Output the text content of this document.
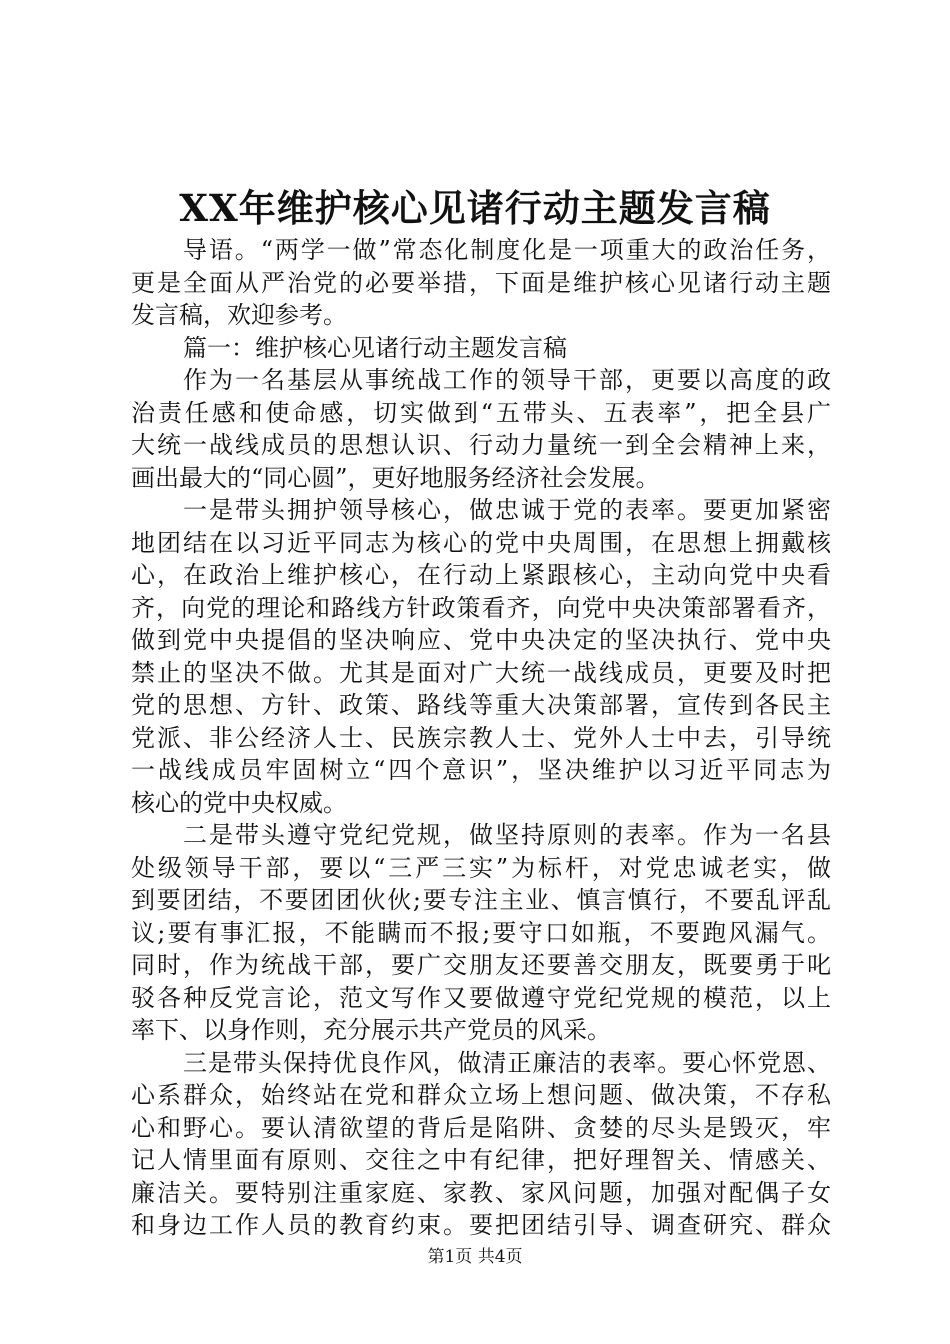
XX年维护核心见诸行动主题发言稿
导语。“两学一做”常态化制度化是一项重大的政治任务，
更是全面从严治党的必要举措，下面是维护核心见诸行动主题
发言稿，欢迎参考。
篇一：维护核心见诸行动主题发言稿
作为一名基层从事统战工作的领导干部，更要以高度的政
治责任感和使命感，切实做到“五带头、五表率”，把全县广
大统一战线成员的思想认识、行动力量统一到全会精神上来，
画出最大的“同心圆”，更好地服务经济社会发展。
一是带头拥护领导核心，做忠诚于党的表率。要更加紧密
地团结在以习近平同志为核心的党中央周围，在思想上拥戴核
心，在政治上维护核心，在行动上紧跟核心，主动向党中央看
齐，向党的理论和路线方针政策看齐，向党中央决策部署看齐，
做到党中央提倡的坚决响应、党中央决定的坚决执行、党中央
禁止的坚决不做。尤其是面对广大统一战线成员，更要及时把
党的思想、方针、政策、路线等重大决策部署，宣传到各民主
党派、非公经济人士、民族宗教人士、党外人士中去，引导统
一战线成员牢固树立“四个意识”，坚决维护以习近平同志为
核心的党中央权威。
二是带头遵守党纪党规，做坚持原则的表率。作为一名县
处级领导干部，要以“三严三实”为标杆，对党忠诚老实，做
到要团结，不要团团伙伙;要专注主业、慎言慎行，不要乱评乱
议;要有事汇报，不能瞒而不报;要守口如瓶，不要跑风漏气。
同时，作为统战干部，要广交朋友还要善交朋友，既要勇于叱
驳各种反党言论，范文写作又要做遵守党纪党规的模范，以上
率下、以身作则，充分展示共产党员的风采。
三是带头保持优良作风，做清正廉洁的表率。要心怀党恩、
心系群众，始终站在党和群众立场上想问题、做决策，不存私
心和野心。要认清欲望的背后是陷阱、贪婪的尽头是毁灭，牢
记人情里面有原则、交往之中有纪律，把好理智关、情感关、
廉洁关。要特别注重家庭、家教、家风问题，加强对配偶子女
和身边工作人员的教育约束。要把团结引导、调查研究、群众
第1页 共4页
